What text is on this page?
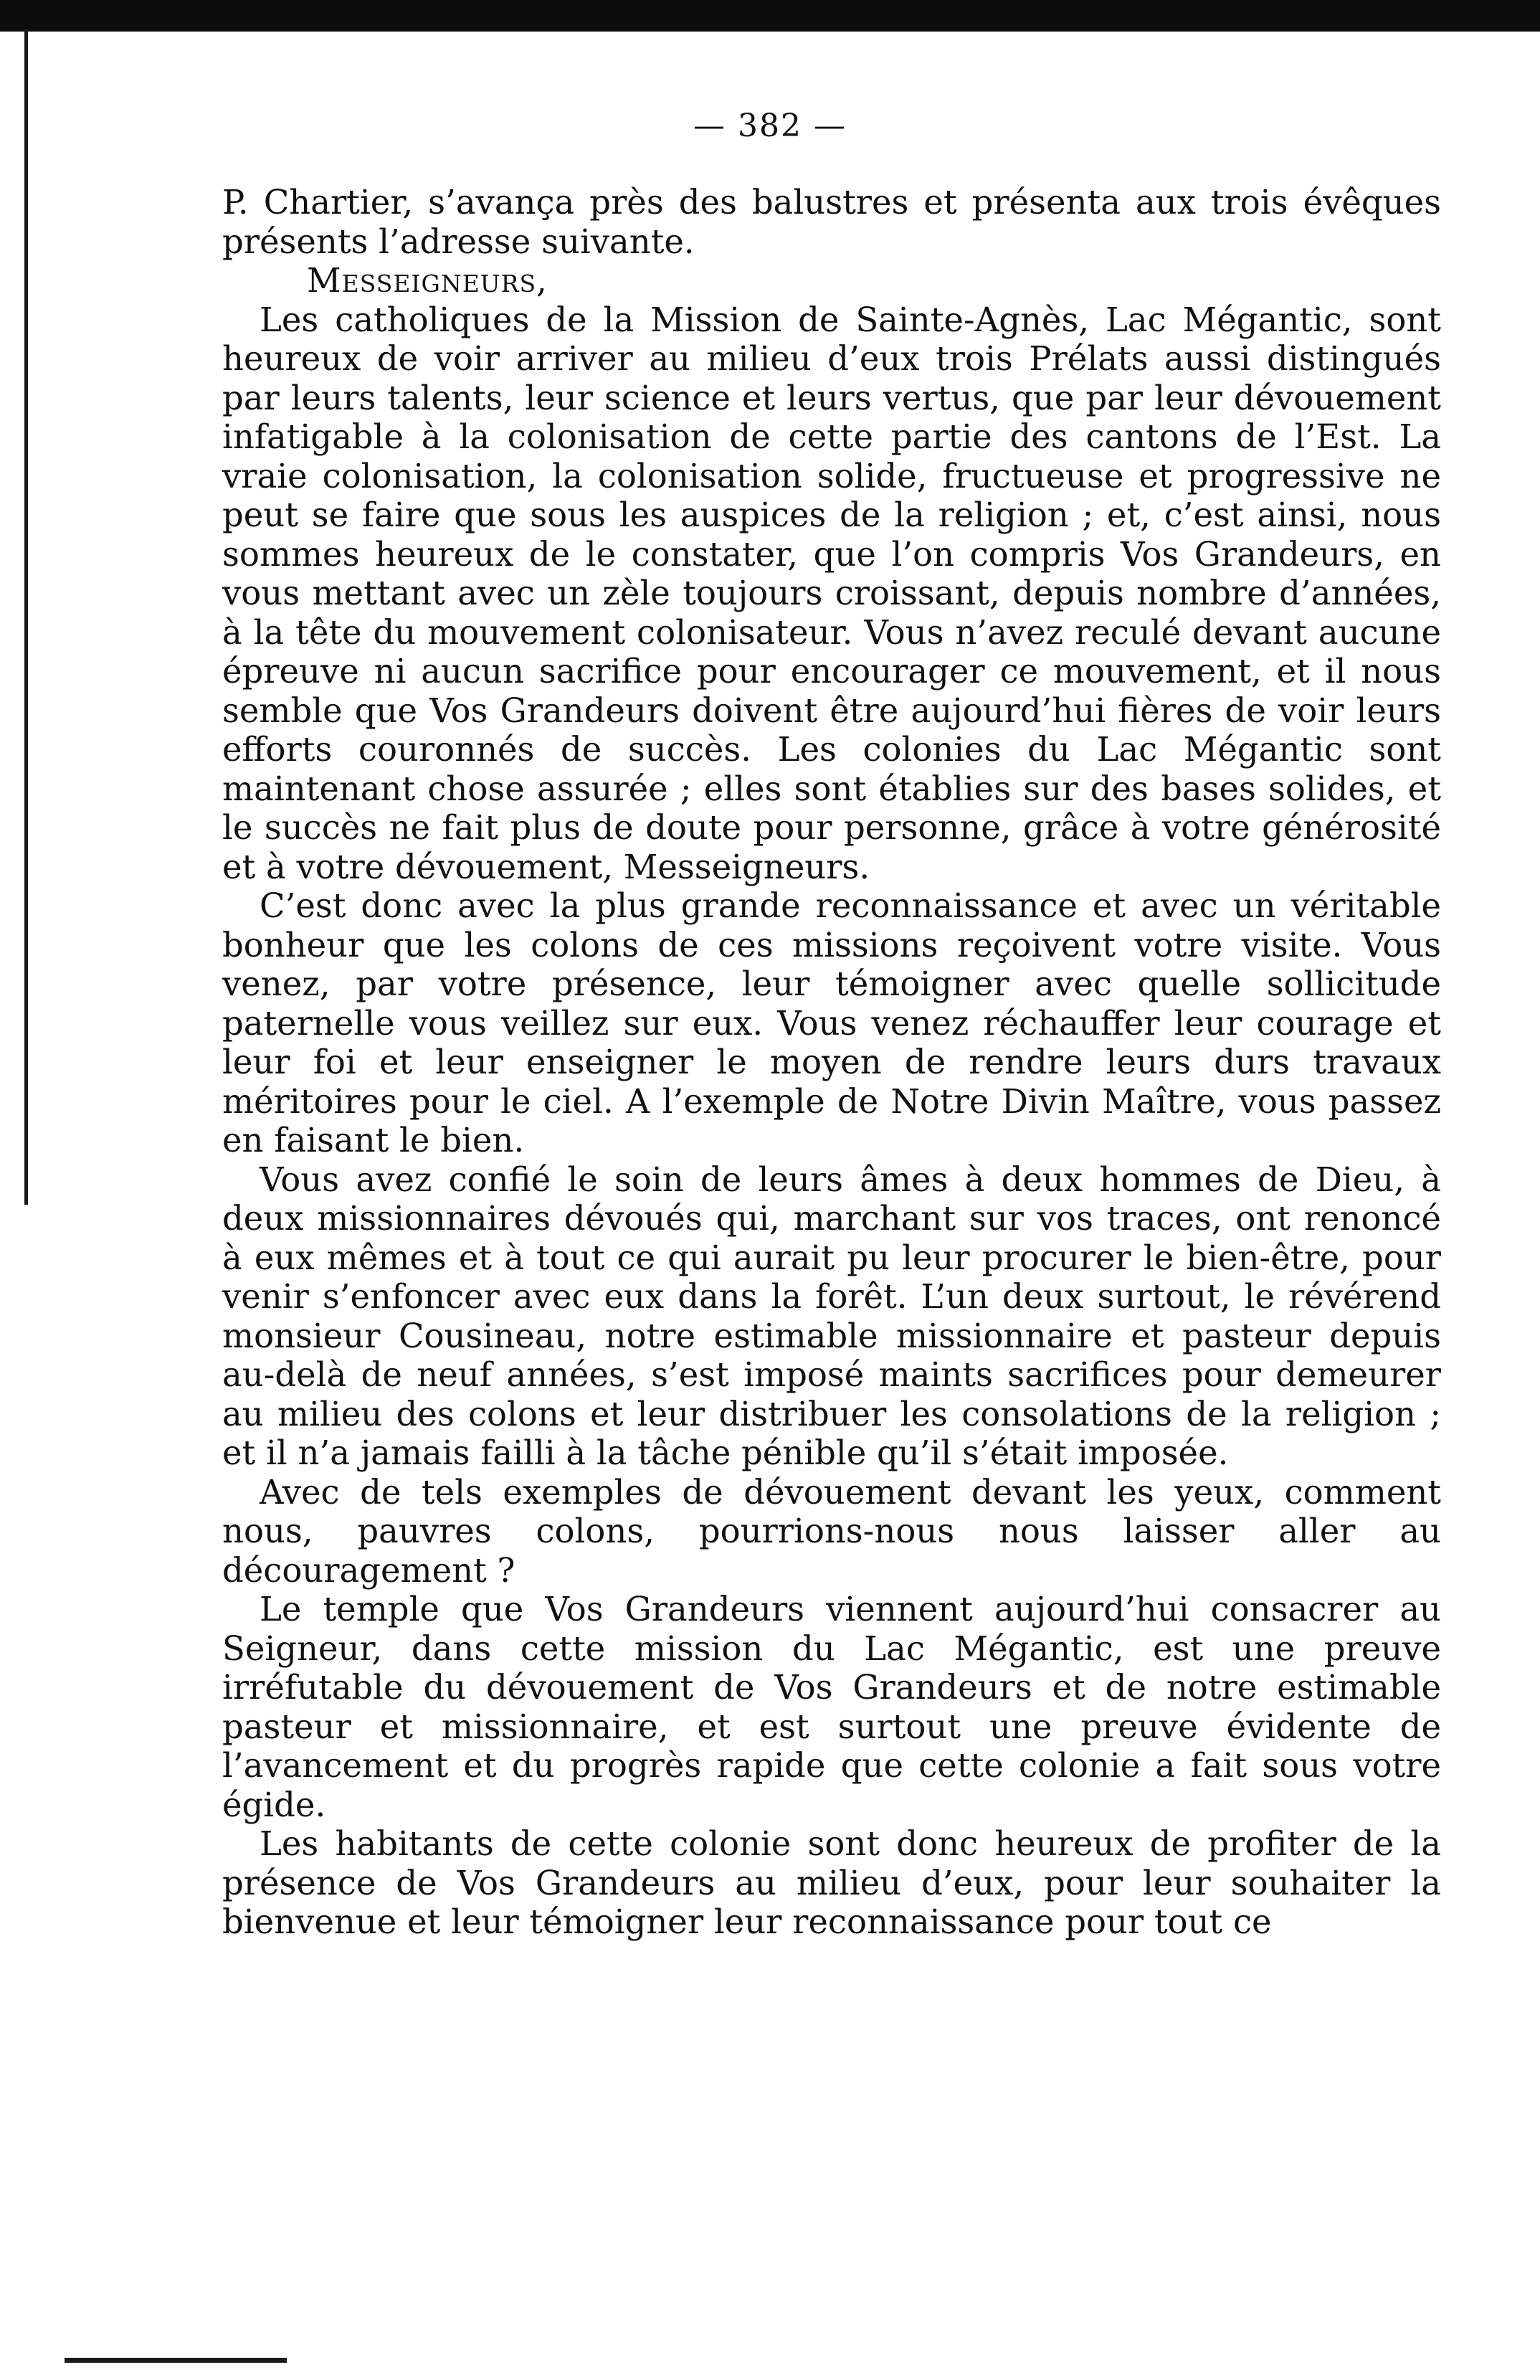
— 382 —

P. Chartier, s’avança près des balustres et présenta aux trois évêques présents l’adresse suivante.

Messeigneurs,

Les catholiques de la Mission de Sainte-Agnès, Lac Mégantic, sont heureux de voir arriver au milieu d’eux trois Prélats aussi distingués par leurs talents, leur science et leurs vertus, que par leur dévouement infatigable à la colonisation de cette partie des cantons de l’Est. La vraie colonisation, la colonisation solide, fructueuse et progressive ne peut se faire que sous les auspices de la religion ; et, c’est ainsi, nous sommes heureux de le constater, que l’on compris Vos Grandeurs, en vous mettant avec un zèle toujours croissant, depuis nombre d’années, à la tête du mouvement colonisateur. Vous n’avez reculé devant aucune épreuve ni aucun sacrifice pour encourager ce mouvement, et il nous semble que Vos Grandeurs doivent être aujourd’hui fières de voir leurs efforts couronnés de succès. Les colonies du Lac Mégantic sont maintenant chose assurée ; elles sont établies sur des bases solides, et le succès ne fait plus de doute pour personne, grâce à votre générosité et à votre dévouement, Messeigneurs.

C’est donc avec la plus grande reconnaissance et avec un véritable bonheur que les colons de ces missions reçoivent votre visite. Vous venez, par votre présence, leur témoigner avec quelle sollicitude paternelle vous veillez sur eux. Vous venez réchauffer leur courage et leur foi et leur enseigner le moyen de rendre leurs durs travaux méritoires pour le ciel. A l’exemple de Notre Divin Maître, vous passez en faisant le bien.

Vous avez confié le soin de leurs âmes à deux hommes de Dieu, à deux missionnaires dévoués qui, marchant sur vos traces, ont renoncé à eux mêmes et à tout ce qui aurait pu leur procurer le bien-être, pour venir s’enfoncer avec eux dans la forêt. L’un deux surtout, le révérend monsieur Cousineau, notre estimable missionnaire et pasteur depuis au-delà de neuf années, s’est imposé maints sacrifices pour demeurer au milieu des colons et leur distribuer les consolations de la religion ; et il n’a jamais failli à la tâche pénible qu’il s’était imposée.

Avec de tels exemples de dévouement devant les yeux, comment nous, pauvres colons, pourrions-nous nous laisser aller au découragement ?

Le temple que Vos Grandeurs viennent aujourd’hui consacrer au Seigneur, dans cette mission du Lac Mégantic, est une preuve irréfutable du dévouement de Vos Grandeurs et de notre estimable pasteur et missionnaire, et est surtout une preuve évidente de l’avancement et du progrès rapide que cette colonie a fait sous votre égide.

Les habitants de cette colonie sont donc heureux de profiter de la présence de Vos Grandeurs au milieu d’eux, pour leur souhaiter la bienvenue et leur témoigner leur reconnaissance pour tout ce
